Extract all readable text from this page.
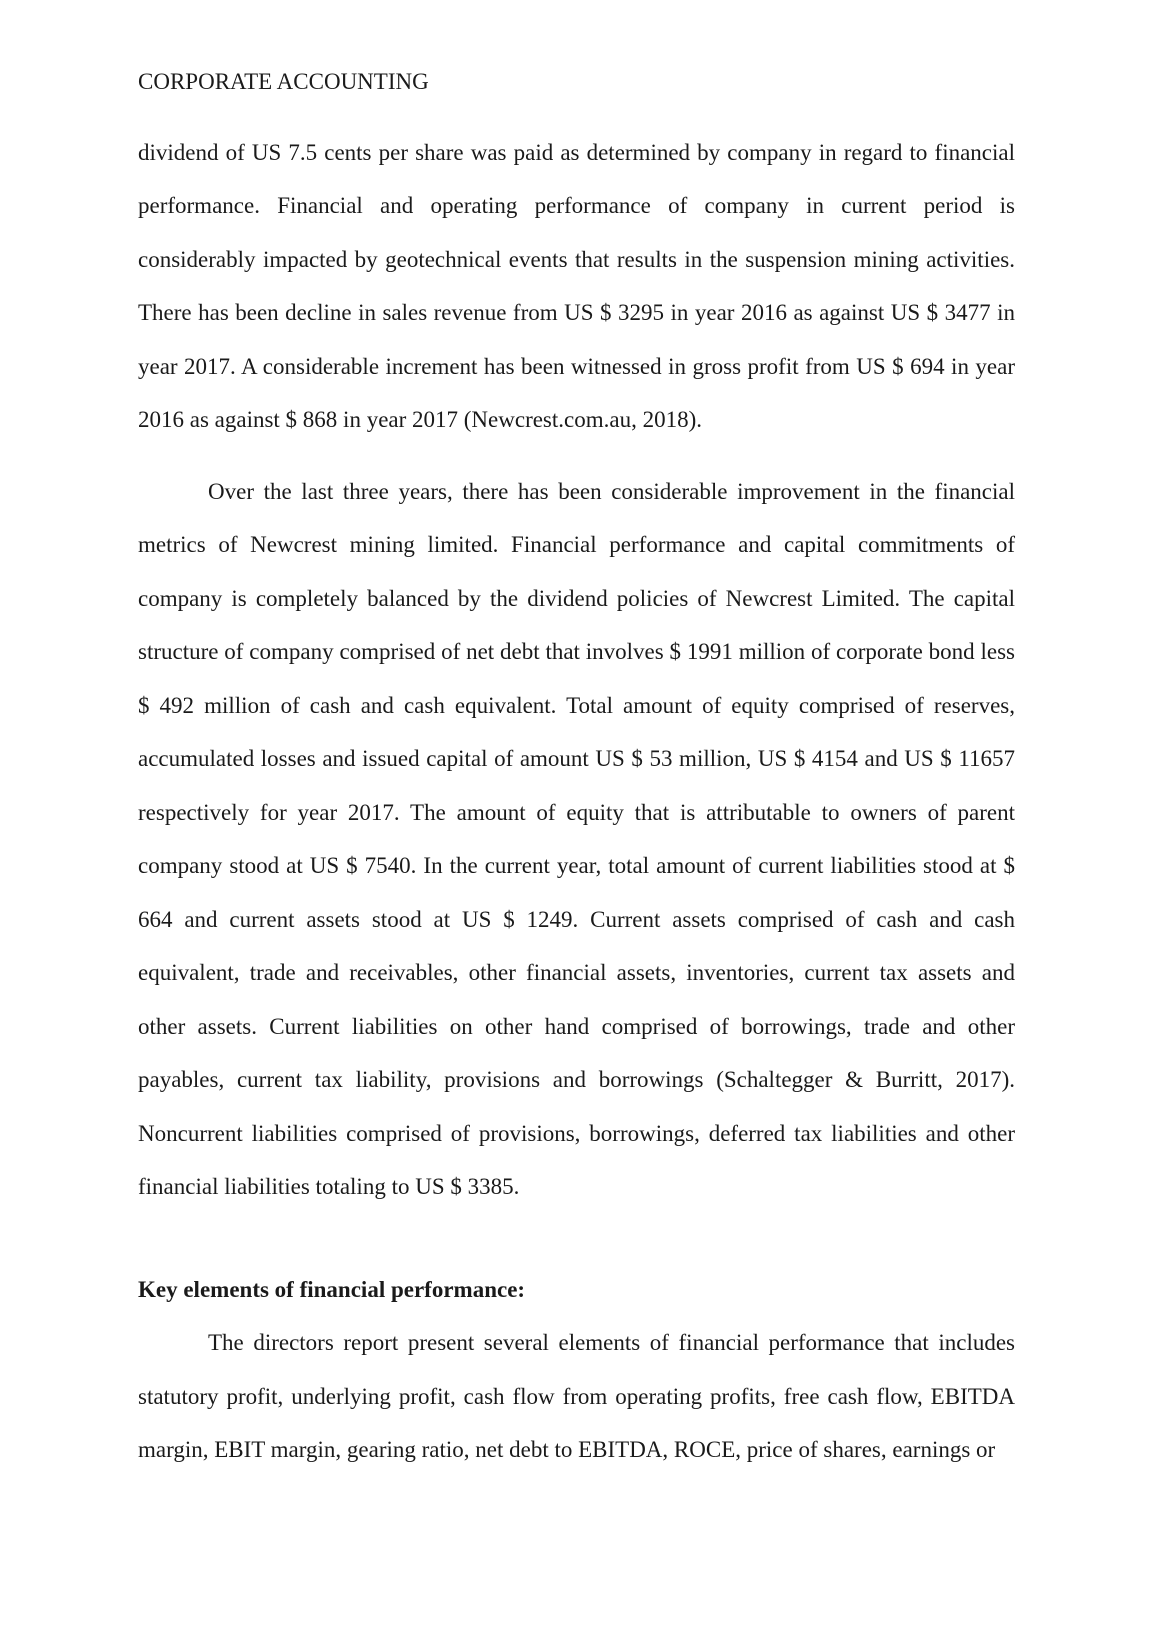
CORPORATE ACCOUNTING

dividend of US 7.5 cents per share was paid as determined by company in regard to financial performance. Financial and operating performance of company in current period is considerably impacted by geotechnical events that results in the suspension mining activities. There has been decline in sales revenue from US $ 3295 in year 2016 as against US $ 3477 in year 2017. A considerable increment has been witnessed in gross profit from US $ 694 in year 2016 as against $ 868 in year 2017 (Newcrest.com.au, 2018).

Over the last three years, there has been considerable improvement in the financial metrics of Newcrest mining limited. Financial performance and capital commitments of company is completely balanced by the dividend policies of Newcrest Limited. The capital structure of company comprised of net debt that involves $ 1991 million of corporate bond less $ 492 million of cash and cash equivalent. Total amount of equity comprised of reserves, accumulated losses and issued capital of amount US $ 53 million, US $ 4154 and US $ 11657 respectively for year 2017. The amount of equity that is attributable to owners of parent company stood at US $ 7540. In the current year, total amount of current liabilities stood at $ 664 and current assets stood at US $ 1249. Current assets comprised of cash and cash equivalent, trade and receivables, other financial assets, inventories, current tax assets and other assets. Current liabilities on other hand comprised of borrowings, trade and other payables, current tax liability, provisions and borrowings (Schaltegger & Burritt, 2017). Noncurrent liabilities comprised of provisions, borrowings, deferred tax liabilities and other financial liabilities totaling to US $ 3385.

Key elements of financial performance:

The directors report present several elements of financial performance that includes statutory profit, underlying profit, cash flow from operating profits, free cash flow, EBITDA margin, EBIT margin, gearing ratio, net debt to EBITDA, ROCE, price of shares, earnings or
